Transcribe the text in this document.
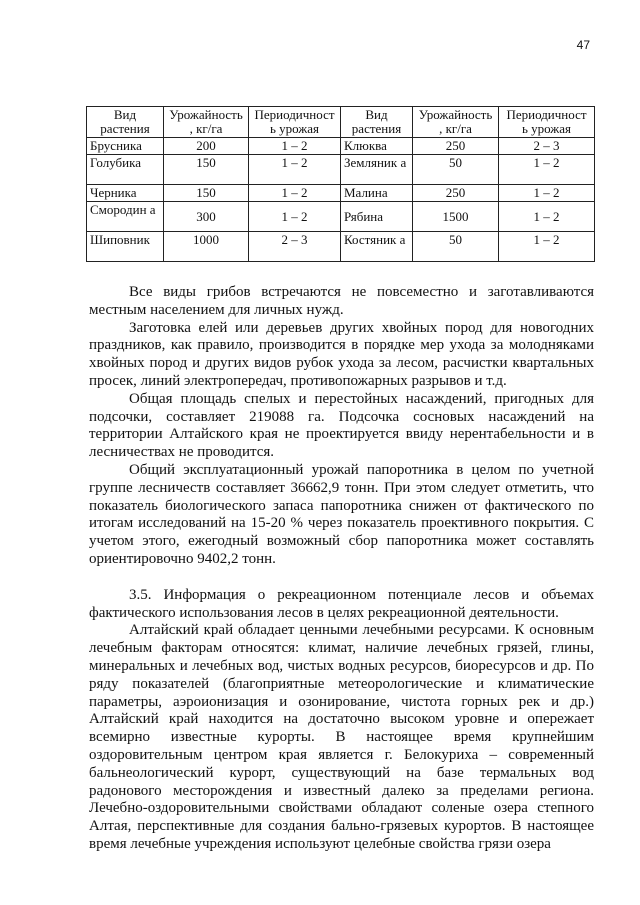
47
Вид растения	Урожайность , кг/га	Периодичност ь урожая	Вид растения	Урожайность , кг/га	Периодичност ь урожая
Брусника	200	1 – 2	Клюква	250	2 – 3
Голубика	150	1 – 2	Земляник а	50	1 – 2
Черника	150	1 – 2	Малина	250	1 – 2
Смородин а	300	1 – 2	Рябина	1500	1 – 2
Шиповник	1000	2 – 3	Костяник а	50	1 – 2

Все виды грибов встречаются не повсеместно и заготавливаются местным населением для личных нужд.

Заготовка елей или деревьев других хвойных пород для новогодних праздников, как правило, производится в порядке мер ухода за молодняками хвойных пород и других видов рубок ухода за лесом, расчистки квартальных просек, линий электропередач, противопожарных разрывов и т.д.

Общая площадь спелых и перестойных насаждений, пригодных для подсочки, составляет 219088 га. Подсочка сосновых насаждений на территории Алтайского края не проектируется ввиду нерентабельности и в лесничествах не проводится.

Общий эксплуатационный урожай папоротника в целом по учетной группе лесничеств составляет 36662,9 тонн. При этом следует отметить, что показатель биологического запаса папоротника снижен от фактического по итогам исследований на 15-20 % через показатель проективного покрытия. С учетом этого, ежегодный возможный сбор папоротника может составлять ориентировочно 9402,2 тонн.

3.5. Информация о рекреационном потенциале лесов и объемах фактического использования лесов в целях рекреационной деятельности.

Алтайский край обладает ценными лечебными ресурсами. К основным лечебным факторам относятся: климат, наличие лечебных грязей, глины, минеральных и лечебных вод, чистых водных ресурсов, биоресурсов и др. По ряду показателей (благоприятные метеорологические и климатические параметры, аэроионизация и озонирование, чистота горных рек и др.) Алтайский край находится на достаточно высоком уровне и опережает всемирно известные курорты. В настоящее время крупнейшим оздоровительным центром края является г. Белокуриха – современный бальнеологический курорт, существующий на базе термальных вод радонового месторождения и известный далеко за пределами региона. Лечебно-оздоровительными свойствами обладают соленые озера степного Алтая, перспективные для создания бально-грязевых курортов. В настоящее время лечебные учреждения используют целебные свойства грязи озера
